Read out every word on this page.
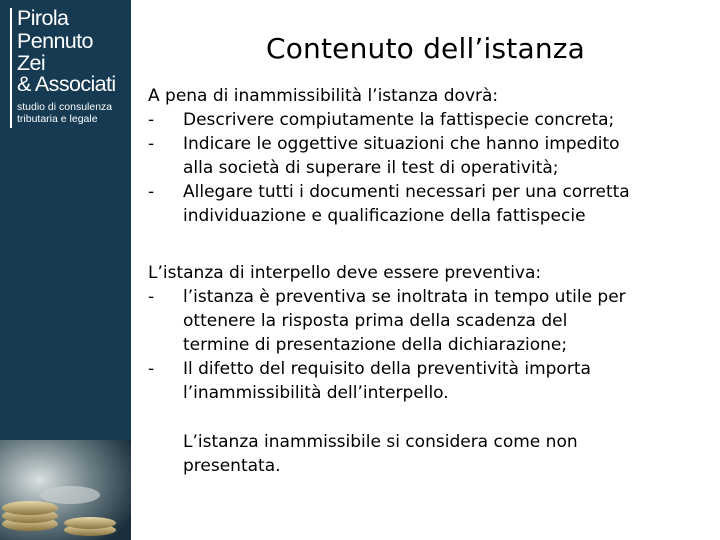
Pirola
Pennuto
Zei
& Associati
studio di consulenza
tributaria e legale
Contenuto dell’istanza

A pena di inammissibilità l’istanza dovrà:

- Descrivere compiutamente la fattispecie concreta;
- Indicare le oggettive situazioni che hanno impedito
alla società di superare il test di operatività;
- Allegare tutti i documenti necessari per una corretta
individuazione e qualificazione della fattispecie

L’istanza di interpello deve essere preventiva:

- l’istanza è preventiva se inoltrata in tempo utile per
ottenere la risposta prima della scadenza del
termine di presentazione della dichiarazione;
- Il difetto del requisito della preventività importa
l’inammissibilità dell’interpello.
L’istanza inammissibile si considera come non
presentata.
